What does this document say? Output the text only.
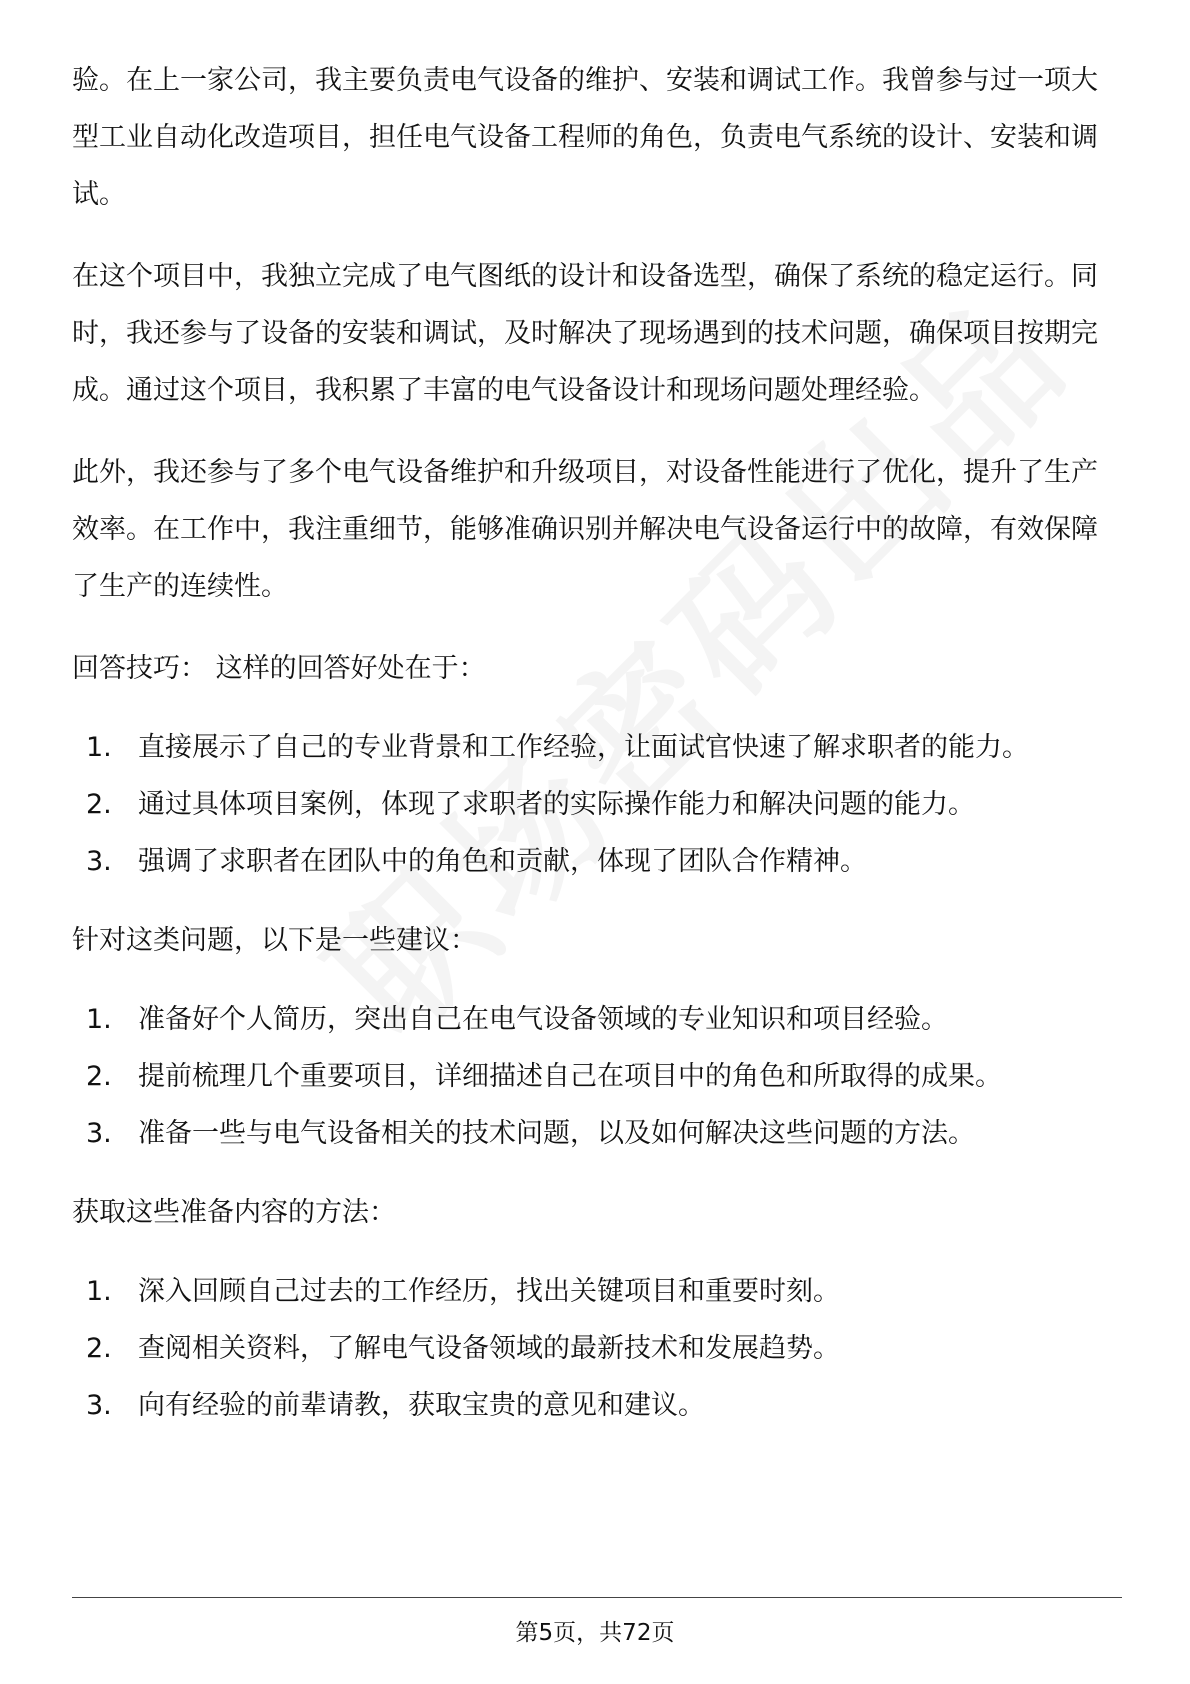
验。在上一家公司，我主要负责电气设备的维护、安装和调试工作。我曾参与过一项大型工业自动化改造项目，担任电气设备工程师的角色，负责电气系统的设计、安装和调试。

在这个项目中，我独立完成了电气图纸的设计和设备选型，确保了系统的稳定运行。同时，我还参与了设备的安装和调试，及时解决了现场遇到的技术问题，确保项目按期完成。通过这个项目，我积累了丰富的电气设备设计和现场问题处理经验。

此外，我还参与了多个电气设备维护和升级项目，对设备性能进行了优化，提升了生产效率。在工作中，我注重细节，能够准确识别并解决电气设备运行中的故障，有效保障了生产的连续性。

回答技巧： 这样的回答好处在于：
1. 直接展示了自己的专业背景和工作经验，让面试官快速了解求职者的能力。
2. 通过具体项目案例，体现了求职者的实际操作能力和解决问题的能力。
3. 强调了求职者在团队中的角色和贡献，体现了团队合作精神。
针对这类问题，以下是一些建议：
1. 准备好个人简历，突出自己在电气设备领域的专业知识和项目经验。
2. 提前梳理几个重要项目，详细描述自己在项目中的角色和所取得的成果。
3. 准备一些与电气设备相关的技术问题，以及如何解决这些问题的方法。
获取这些准备内容的方法：
1. 深入回顾自己过去的工作经历，找出关键项目和重要时刻。
2. 查阅相关资料，了解电气设备领域的最新技术和发展趋势。
3. 向有经验的前辈请教，获取宝贵的意见和建议。
第5页，共72页
